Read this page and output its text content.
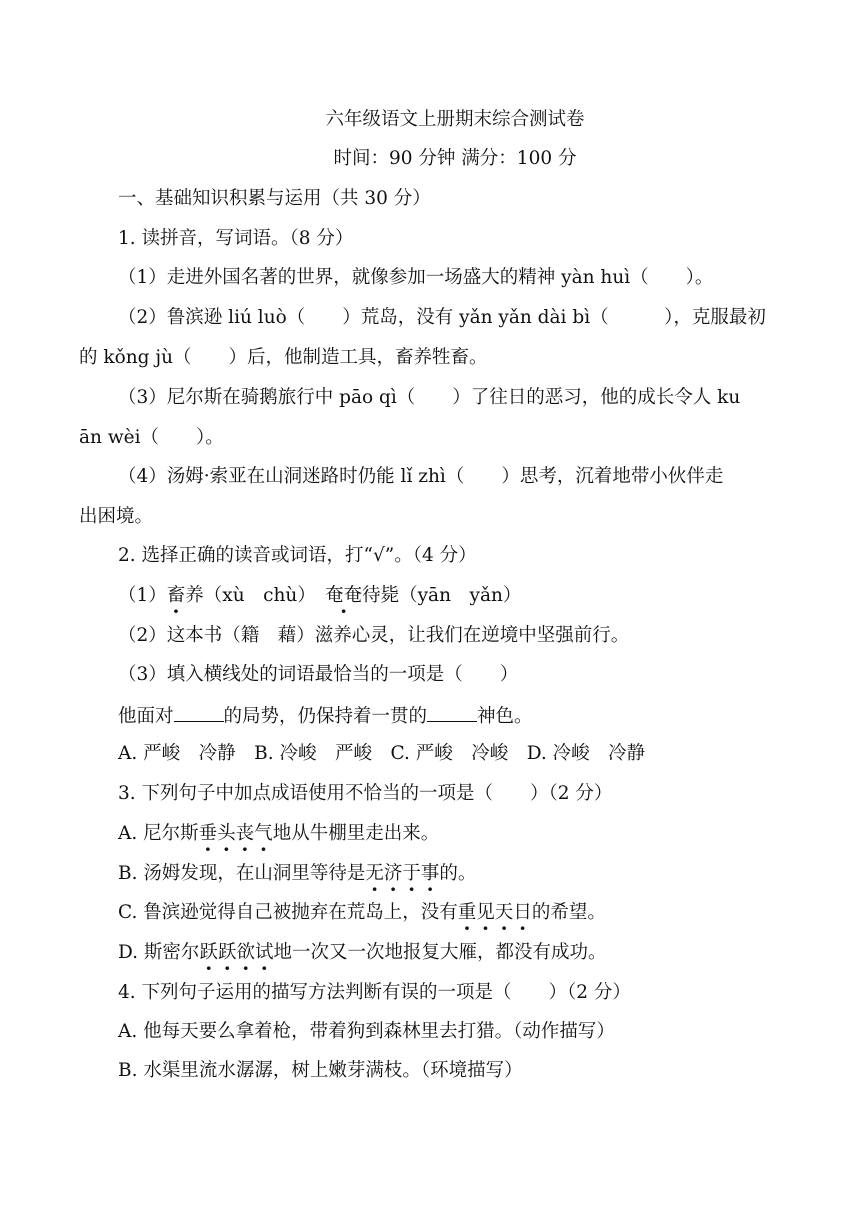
六年级语文上册期末综合测试卷
时间：90 分钟 满分：100 分
一、基础知识积累与运用（共 30 分）
1. 读拼音，写词语。（8 分）
（1）走进外国名著的世界，就像参加一场盛大的精神 yàn huì（　　）。
（2）鲁滨逊 liú luò（　　）荒岛，没有 yǎn yǎn dài bì（　　　），克服最初
的 kǒng jù（　　）后，他制造工具，畜养牲畜。
（3）尼尔斯在骑鹅旅行中 pāo qì（　　）了往日的恶习，他的成长令人 ku
ān wèi（　　）。
（4）汤姆·索亚在山洞迷路时仍能 lǐ zhì（　　）思考，沉着地带小伙伴走
出困境。
2. 选择正确的读音或词语，打“√”。（4 分）
（1）畜养（xù　chù）　奄奄待毙（yān　yǎn）
（2）这本书（籍　藉）滋养心灵，让我们在逆境中坚强前行。
（3）填入横线处的词语最恰当的一项是（　　）
他面对	的局势，仍保持着一贯的	神色。
A. 严峻　冷静　B. 冷峻　严峻　C. 严峻　冷峻　D. 冷峻　冷静
3. 下列句子中加点成语使用不恰当的一项是（　　）（2 分）
A. 尼尔斯垂头丧气地从牛棚里走出来。
B. 汤姆发现，在山洞里等待是无济于事的。
C. 鲁滨逊觉得自己被抛弃在荒岛上，没有重见天日的希望。
D. 斯密尔跃跃欲试地一次又一次地报复大雁，都没有成功。
4. 下列句子运用的描写方法判断有误的一项是（　　）（2 分）
A. 他每天要么拿着枪，带着狗到森林里去打猎。（动作描写）
B. 水渠里流水潺潺，树上嫩芽满枝。（环境描写）
